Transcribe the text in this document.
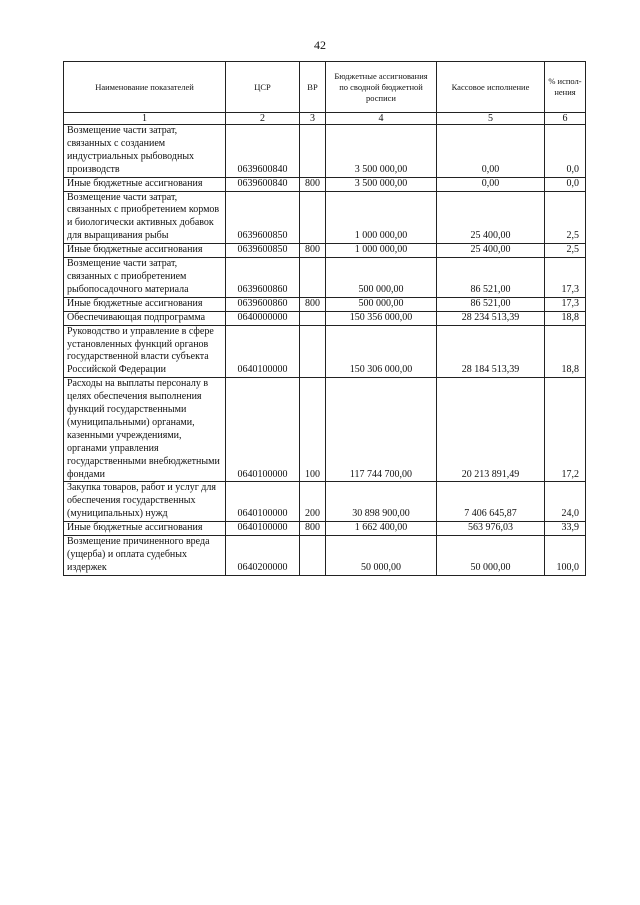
42
Наименование показателей	ЦСР	ВР	Бюджетные ассигнования по сводной бюджетной росписи	Кассовое исполнение	% испол-нения
1	2	3	4	5	6
Возмещение части затрат, связанных с созданием индустриальных рыбоводных производств	0639600840		3 500 000,00	0,00	0,0
Иные бюджетные ассигнования	0639600840	800	3 500 000,00	0,00	0,0
Возмещение части затрат, связанных с приобретением кормов и биологически активных добавок для выращивания рыбы	0639600850		1 000 000,00	25 400,00	2,5
Иные бюджетные ассигнования	0639600850	800	1 000 000,00	25 400,00	2,5
Возмещение части затрат, связанных с приобретением рыбопосадочного материала	0639600860		500 000,00	86 521,00	17,3
Иные бюджетные ассигнования	0639600860	800	500 000,00	86 521,00	17,3
Обеспечивающая подпрограмма	0640000000		150 356 000,00	28 234 513,39	18,8
Руководство и управление в сфере установленных функций органов государственной власти субъекта Российской Федерации	0640100000		150 306 000,00	28 184 513,39	18,8
Расходы на выплаты персоналу в целях обеспечения выполнения функций государственными (муниципальными) органами, казенными учреждениями, органами управления государственными внебюджетными фондами	0640100000	100	117 744 700,00	20 213 891,49	17,2
Закупка товаров, работ и услуг для обеспечения государственных (муниципальных) нужд	0640100000	200	30 898 900,00	7 406 645,87	24,0
Иные бюджетные ассигнования	0640100000	800	1 662 400,00	563 976,03	33,9
Возмещение причиненного вреда (ущерба) и оплата судебных издержек	0640200000		50 000,00	50 000,00	100,0
